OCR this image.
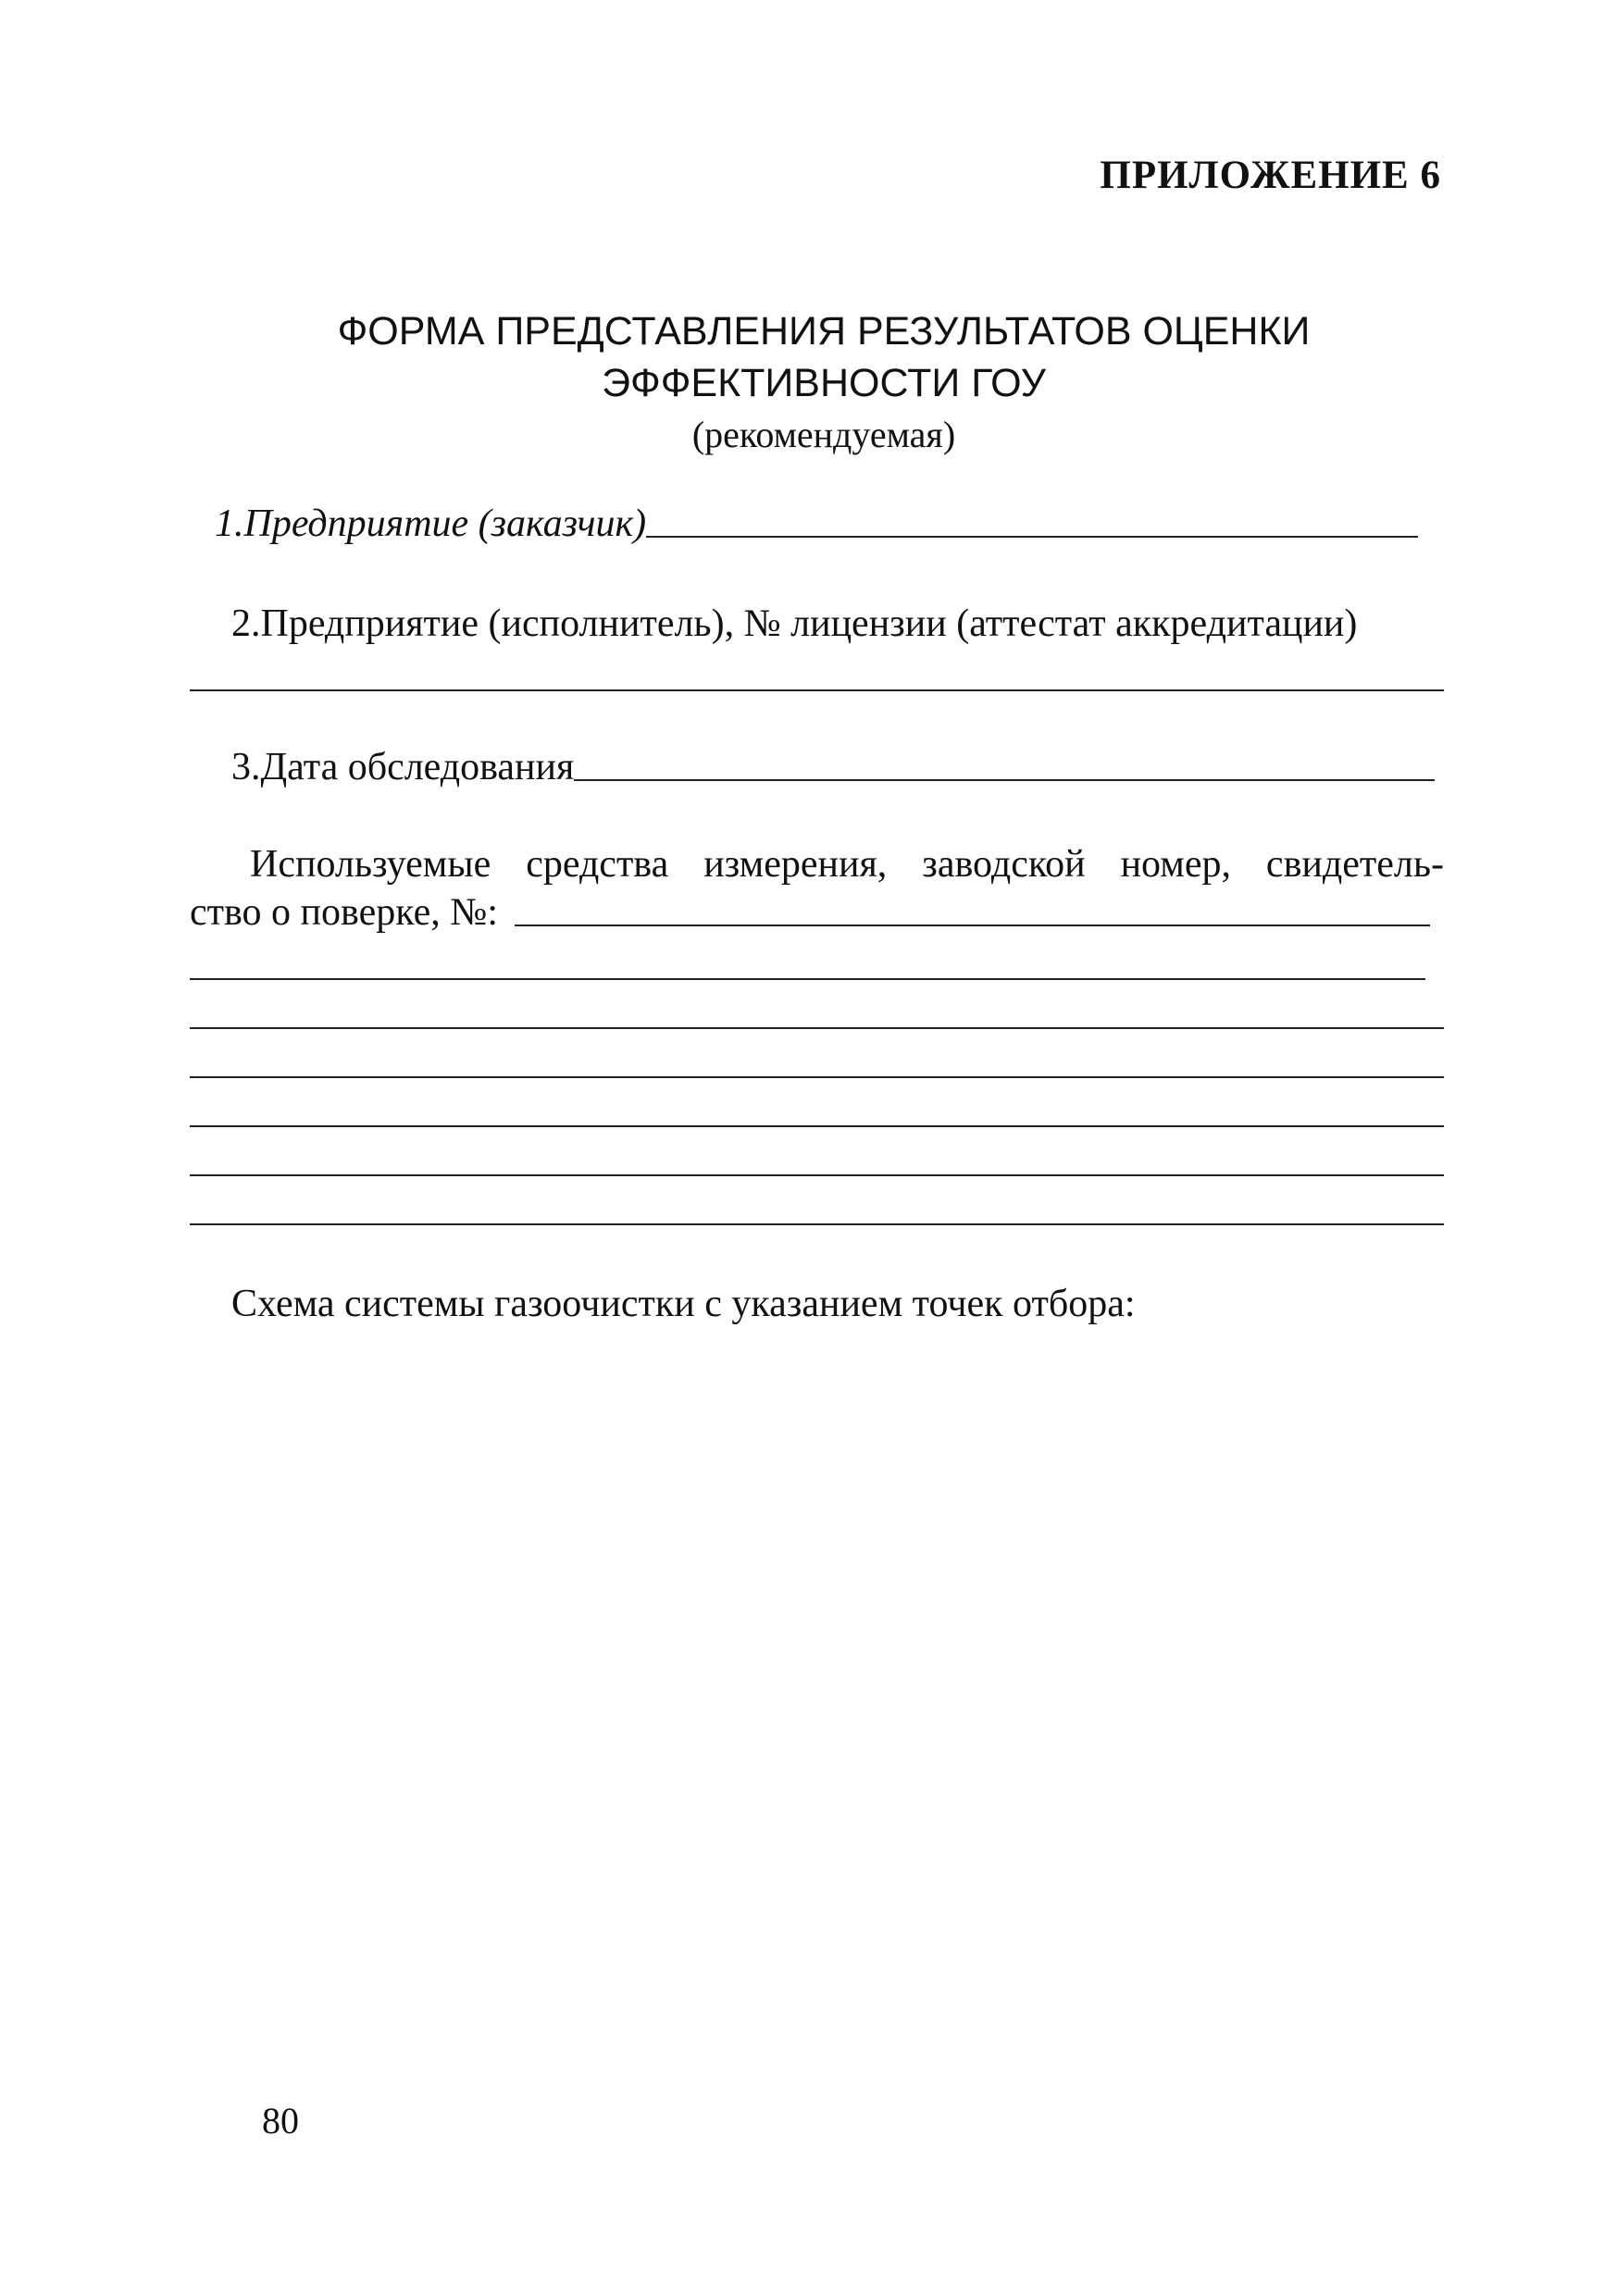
ПРИЛОЖЕНИЕ 6
ФОРМА ПРЕДСТАВЛЕНИЯ РЕЗУЛЬТАТОВ ОЦЕНКИ
ЭФФЕКТИВНОСТИ ГОУ
(рекомендуемая)
1.Предприятие (заказчик)
2.Предприятие (исполнитель), № лицензии (аттестат аккредитации)
3.Дата обследования
Используемые средства измерения, заводской номер, свидетель-
ство о поверке, №:
Схема системы газоочистки с указанием точек отбора:
80
